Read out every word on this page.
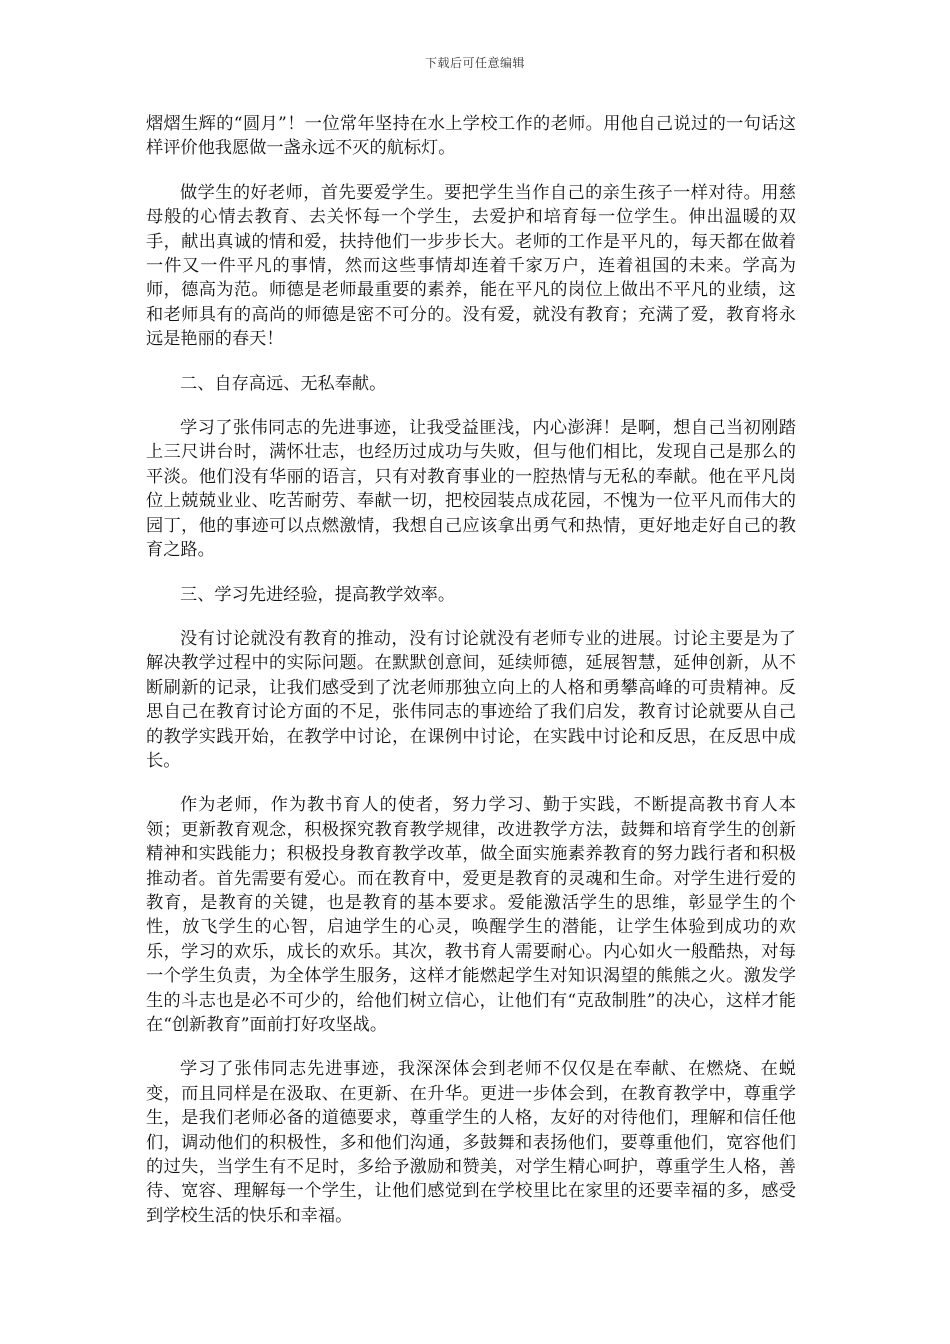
下载后可任意编辑

熠熠生辉的“圆月”！一位常年坚持在水上学校工作的老师。用他自己说过的一句话这样评价他我愿做一盏永远不灭的航标灯。

做学生的好老师，首先要爱学生。要把学生当作自己的亲生孩子一样对待。用慈母般的心情去教育、去关怀每一个学生，去爱护和培育每一位学生。伸出温暖的双手，献出真诚的情和爱，扶持他们一步步长大。老师的工作是平凡的，每天都在做着一件又一件平凡的事情，然而这些事情却连着千家万户，连着祖国的未来。学高为师，德高为范。师德是老师最重要的素养，能在平凡的岗位上做出不平凡的业绩，这和老师具有的高尚的师德是密不可分的。没有爱，就没有教育；充满了爱，教育将永远是艳丽的春天！

二、自存高远、无私奉献。

学习了张伟同志的先进事迹，让我受益匪浅，内心澎湃！是啊，想自己当初刚踏上三尺讲台时，满怀壮志，也经历过成功与失败，但与他们相比，发现自己是那么的平淡。他们没有华丽的语言，只有对教育事业的一腔热情与无私的奉献。他在平凡岗位上兢兢业业、吃苦耐劳、奉献一切，把校园装点成花园，不愧为一位平凡而伟大的园丁，他的事迹可以点燃激情，我想自己应该拿出勇气和热情，更好地走好自己的教育之路。

三、学习先进经验，提高教学效率。

没有讨论就没有教育的推动，没有讨论就没有老师专业的进展。讨论主要是为了解决教学过程中的实际问题。在默默创意间，延续师德，延展智慧，延伸创新，从不断刷新的记录，让我们感受到了沈老师那独立向上的人格和勇攀高峰的可贵精神。反思自己在教育讨论方面的不足，张伟同志的事迹给了我们启发，教育讨论就要从自己的教学实践开始，在教学中讨论，在课例中讨论，在实践中讨论和反思，在反思中成长。

作为老师，作为教书育人的使者，努力学习、勤于实践，不断提高教书育人本领；更新教育观念，积极探究教育教学规律，改进教学方法，鼓舞和培育学生的创新精神和实践能力；积极投身教育教学改革，做全面实施素养教育的努力践行者和积极推动者。首先需要有爱心。而在教育中，爱更是教育的灵魂和生命。对学生进行爱的教育，是教育的关键，也是教育的基本要求。爱能激活学生的思维，彰显学生的个性，放飞学生的心智，启迪学生的心灵，唤醒学生的潜能，让学生体验到成功的欢乐，学习的欢乐，成长的欢乐。其次，教书育人需要耐心。内心如火一般酷热，对每一个学生负责，为全体学生服务，这样才能燃起学生对知识渴望的熊熊之火。激发学生的斗志也是必不可少的，给他们树立信心，让他们有“克敌制胜”的决心，这样才能在“创新教育”面前打好攻坚战。

学习了张伟同志先进事迹，我深深体会到老师不仅仅是在奉献、在燃烧、在蜕变，而且同样是在汲取、在更新、在升华。更进一步体会到，在教育教学中，尊重学生，是我们老师必备的道德要求，尊重学生的人格，友好的对待他们，理解和信任他们，调动他们的积极性，多和他们沟通，多鼓舞和表扬他们，要尊重他们，宽容他们的过失，当学生有不足时，多给予激励和赞美，对学生精心呵护，尊重学生人格，善待、宽容、理解每一个学生，让他们感觉到在学校里比在家里的还要幸福的多，感受到学校生活的快乐和幸福。
